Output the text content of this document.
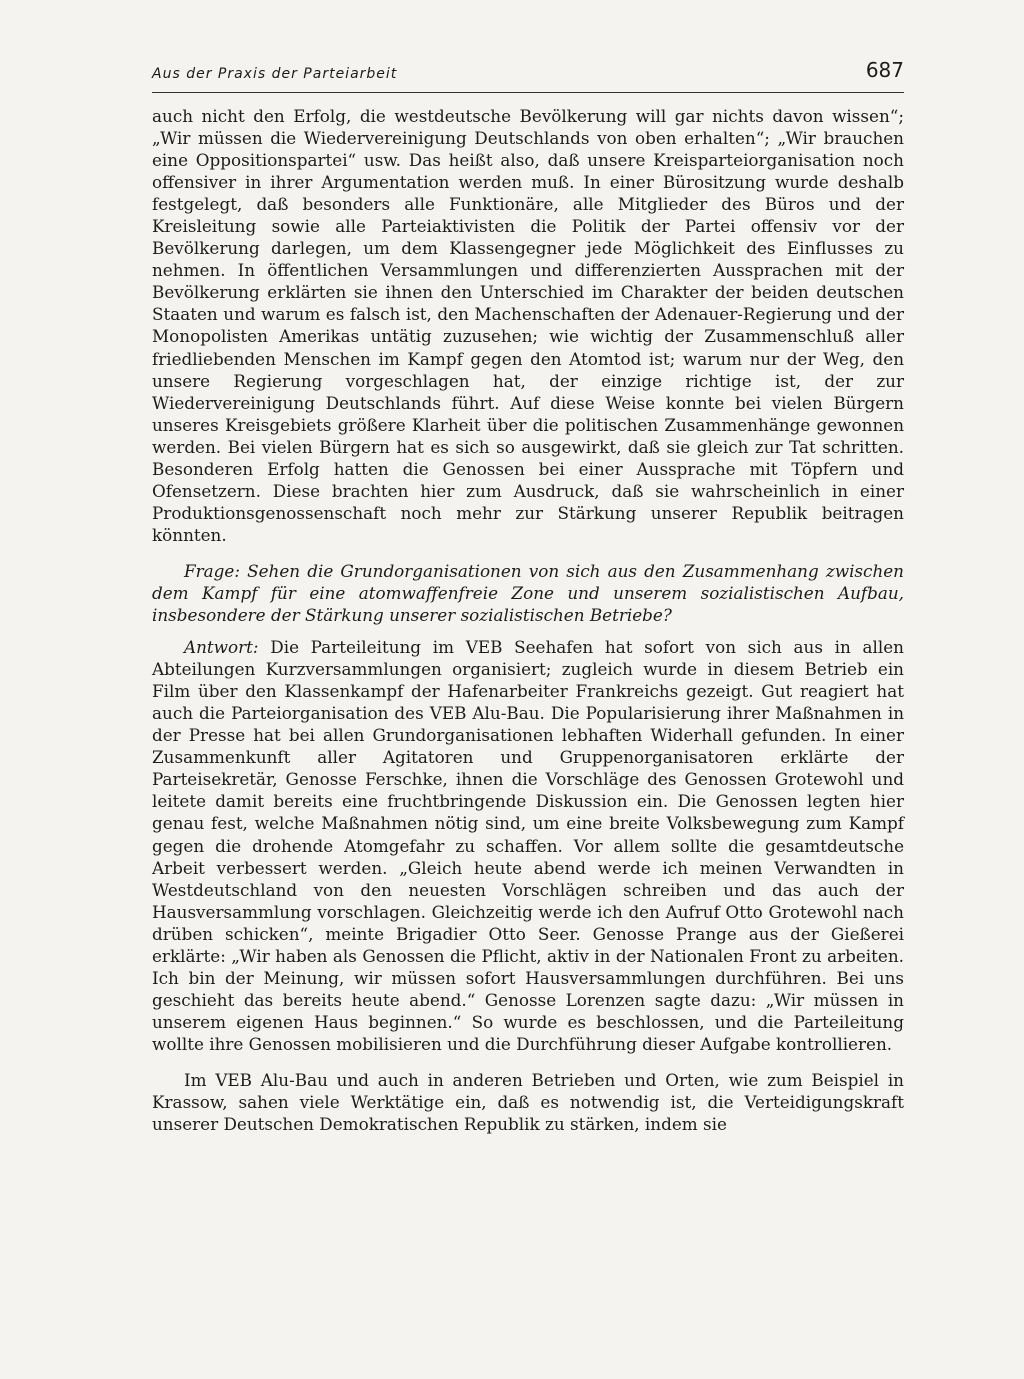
Aus der Praxis der Parteiarbeit	687

auch nicht den Erfolg, die westdeutsche Bevölkerung will gar nichts davon wissen“; „Wir müssen die Wiedervereinigung Deutschlands von oben erhalten“; „Wir brauchen eine Oppositionspartei“ usw. Das heißt also, daß unsere Kreisparteiorganisation noch offensiver in ihrer Argumentation werden muß. In einer Bürositzung wurde deshalb festgelegt, daß besonders alle Funktionäre, alle Mitglieder des Büros und der Kreisleitung sowie alle Parteiaktivisten die Politik der Partei offensiv vor der Bevölkerung darlegen, um dem Klassengegner jede Möglichkeit des Einflusses zu nehmen. In öffentlichen Versammlungen und differenzierten Aussprachen mit der Bevölkerung erklärten sie ihnen den Unterschied im Charakter der beiden deutschen Staaten und warum es falsch ist, den Machenschaften der Adenauer-Regierung und der Monopolisten Amerikas untätig zuzusehen; wie wichtig der Zusammenschluß aller friedliebenden Menschen im Kampf gegen den Atomtod ist; warum nur der Weg, den unsere Regierung vorgeschlagen hat, der einzige richtige ist, der zur Wiedervereinigung Deutschlands führt. Auf diese Weise konnte bei vielen Bürgern unseres Kreisgebiets größere Klarheit über die politischen Zusammenhänge gewonnen werden. Bei vielen Bürgern hat es sich so ausgewirkt, daß sie gleich zur Tat schritten. Besonderen Erfolg hatten die Genossen bei einer Aussprache mit Töpfern und Ofensetzern. Diese brachten hier zum Ausdruck, daß sie wahrscheinlich in einer Produktionsgenossenschaft noch mehr zur Stärkung unserer Republik beitragen könnten.

Frage: Sehen die Grundorganisationen von sich aus den Zusammenhang zwischen dem Kampf für eine atomwaffenfreie Zone und unserem sozialistischen Aufbau, insbesondere der Stärkung unserer sozialistischen Betriebe?

Antwort: Die Parteileitung im VEB Seehafen hat sofort von sich aus in allen Abteilungen Kurzversammlungen organisiert; zugleich wurde in diesem Betrieb ein Film über den Klassenkampf der Hafenarbeiter Frankreichs gezeigt. Gut reagiert hat auch die Parteiorganisation des VEB Alu-Bau. Die Popularisierung ihrer Maßnahmen in der Presse hat bei allen Grundorganisationen lebhaften Widerhall gefunden. In einer Zusammenkunft aller Agitatoren und Gruppenorganisatoren erklärte der Parteisekretär, Genosse Ferschke, ihnen die Vorschläge des Genossen Grotewohl und leitete damit bereits eine fruchtbringende Diskussion ein. Die Genossen legten hier genau fest, welche Maßnahmen nötig sind, um eine breite Volksbewegung zum Kampf gegen die drohende Atomgefahr zu schaffen. Vor allem sollte die gesamtdeutsche Arbeit verbessert werden. „Gleich heute abend werde ich meinen Verwandten in Westdeutschland von den neuesten Vorschlägen schreiben und das auch der Hausversammlung vorschlagen. Gleichzeitig werde ich den Aufruf Otto Grotewohl nach drüben schicken“, meinte Brigadier Otto Seer. Genosse Prange aus der Gießerei erklärte: „Wir haben als Genossen die Pflicht, aktiv in der Nationalen Front zu arbeiten. Ich bin der Meinung, wir müssen sofort Hausversammlungen durchführen. Bei uns geschieht das bereits heute abend.“ Genosse Lorenzen sagte dazu: „Wir müssen in unserem eigenen Haus beginnen.“ So wurde es beschlossen, und die Parteileitung wollte ihre Genossen mobilisieren und die Durchführung dieser Aufgabe kontrollieren.

Im VEB Alu-Bau und auch in anderen Betrieben und Orten, wie zum Beispiel in Krassow, sahen viele Werktätige ein, daß es notwendig ist, die Verteidigungskraft unserer Deutschen Demokratischen Republik zu stärken, indem sie
